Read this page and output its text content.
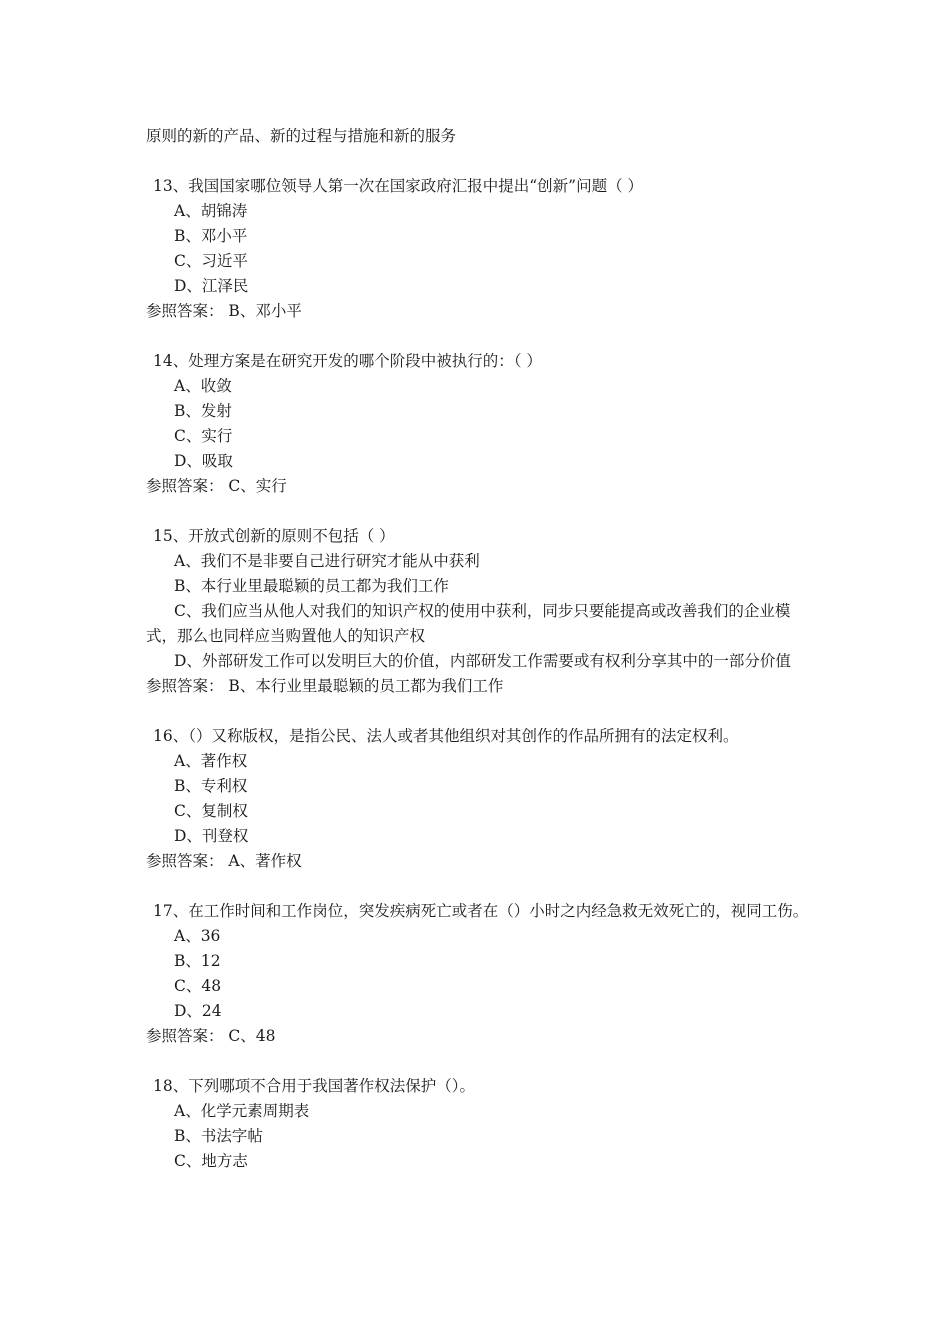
原则的新的产品、新的过程与措施和新的服务
13、我国国家哪位领导人第一次在国家政府汇报中提出“创新”问题（ ）
A、胡锦涛
B、邓小平
C、习近平
D、江泽民
参照答案： B、邓小平
14、处理方案是在研究开发的哪个阶段中被执行的：（ ）
A、收敛
B、发射
C、实行
D、吸取
参照答案： C、实行
15、开放式创新的原则不包括（ ）
A、我们不是非要自己进行研究才能从中获利
B、本行业里最聪颖的员工都为我们工作
C、我们应当从他人对我们的知识产权的使用中获利，同步只要能提高或改善我们的企业模式，那么也同样应当购置他人的知识产权
D、外部研发工作可以发明巨大的价值，内部研发工作需要或有权利分享其中的一部分价值
参照答案： B、本行业里最聪颖的员工都为我们工作
16、（）又称版权，是指公民、法人或者其他组织对其创作的作品所拥有的法定权利。
A、著作权
B、专利权
C、复制权
D、刊登权
参照答案： A、著作权
17、在工作时间和工作岗位，突发疾病死亡或者在（）小时之内经急救无效死亡的，视同工伤。
A、36
B、12
C、48
D、24
参照答案： C、48
18、下列哪项不合用于我国著作权法保护（）。
A、化学元素周期表
B、书法字帖
C、地方志
